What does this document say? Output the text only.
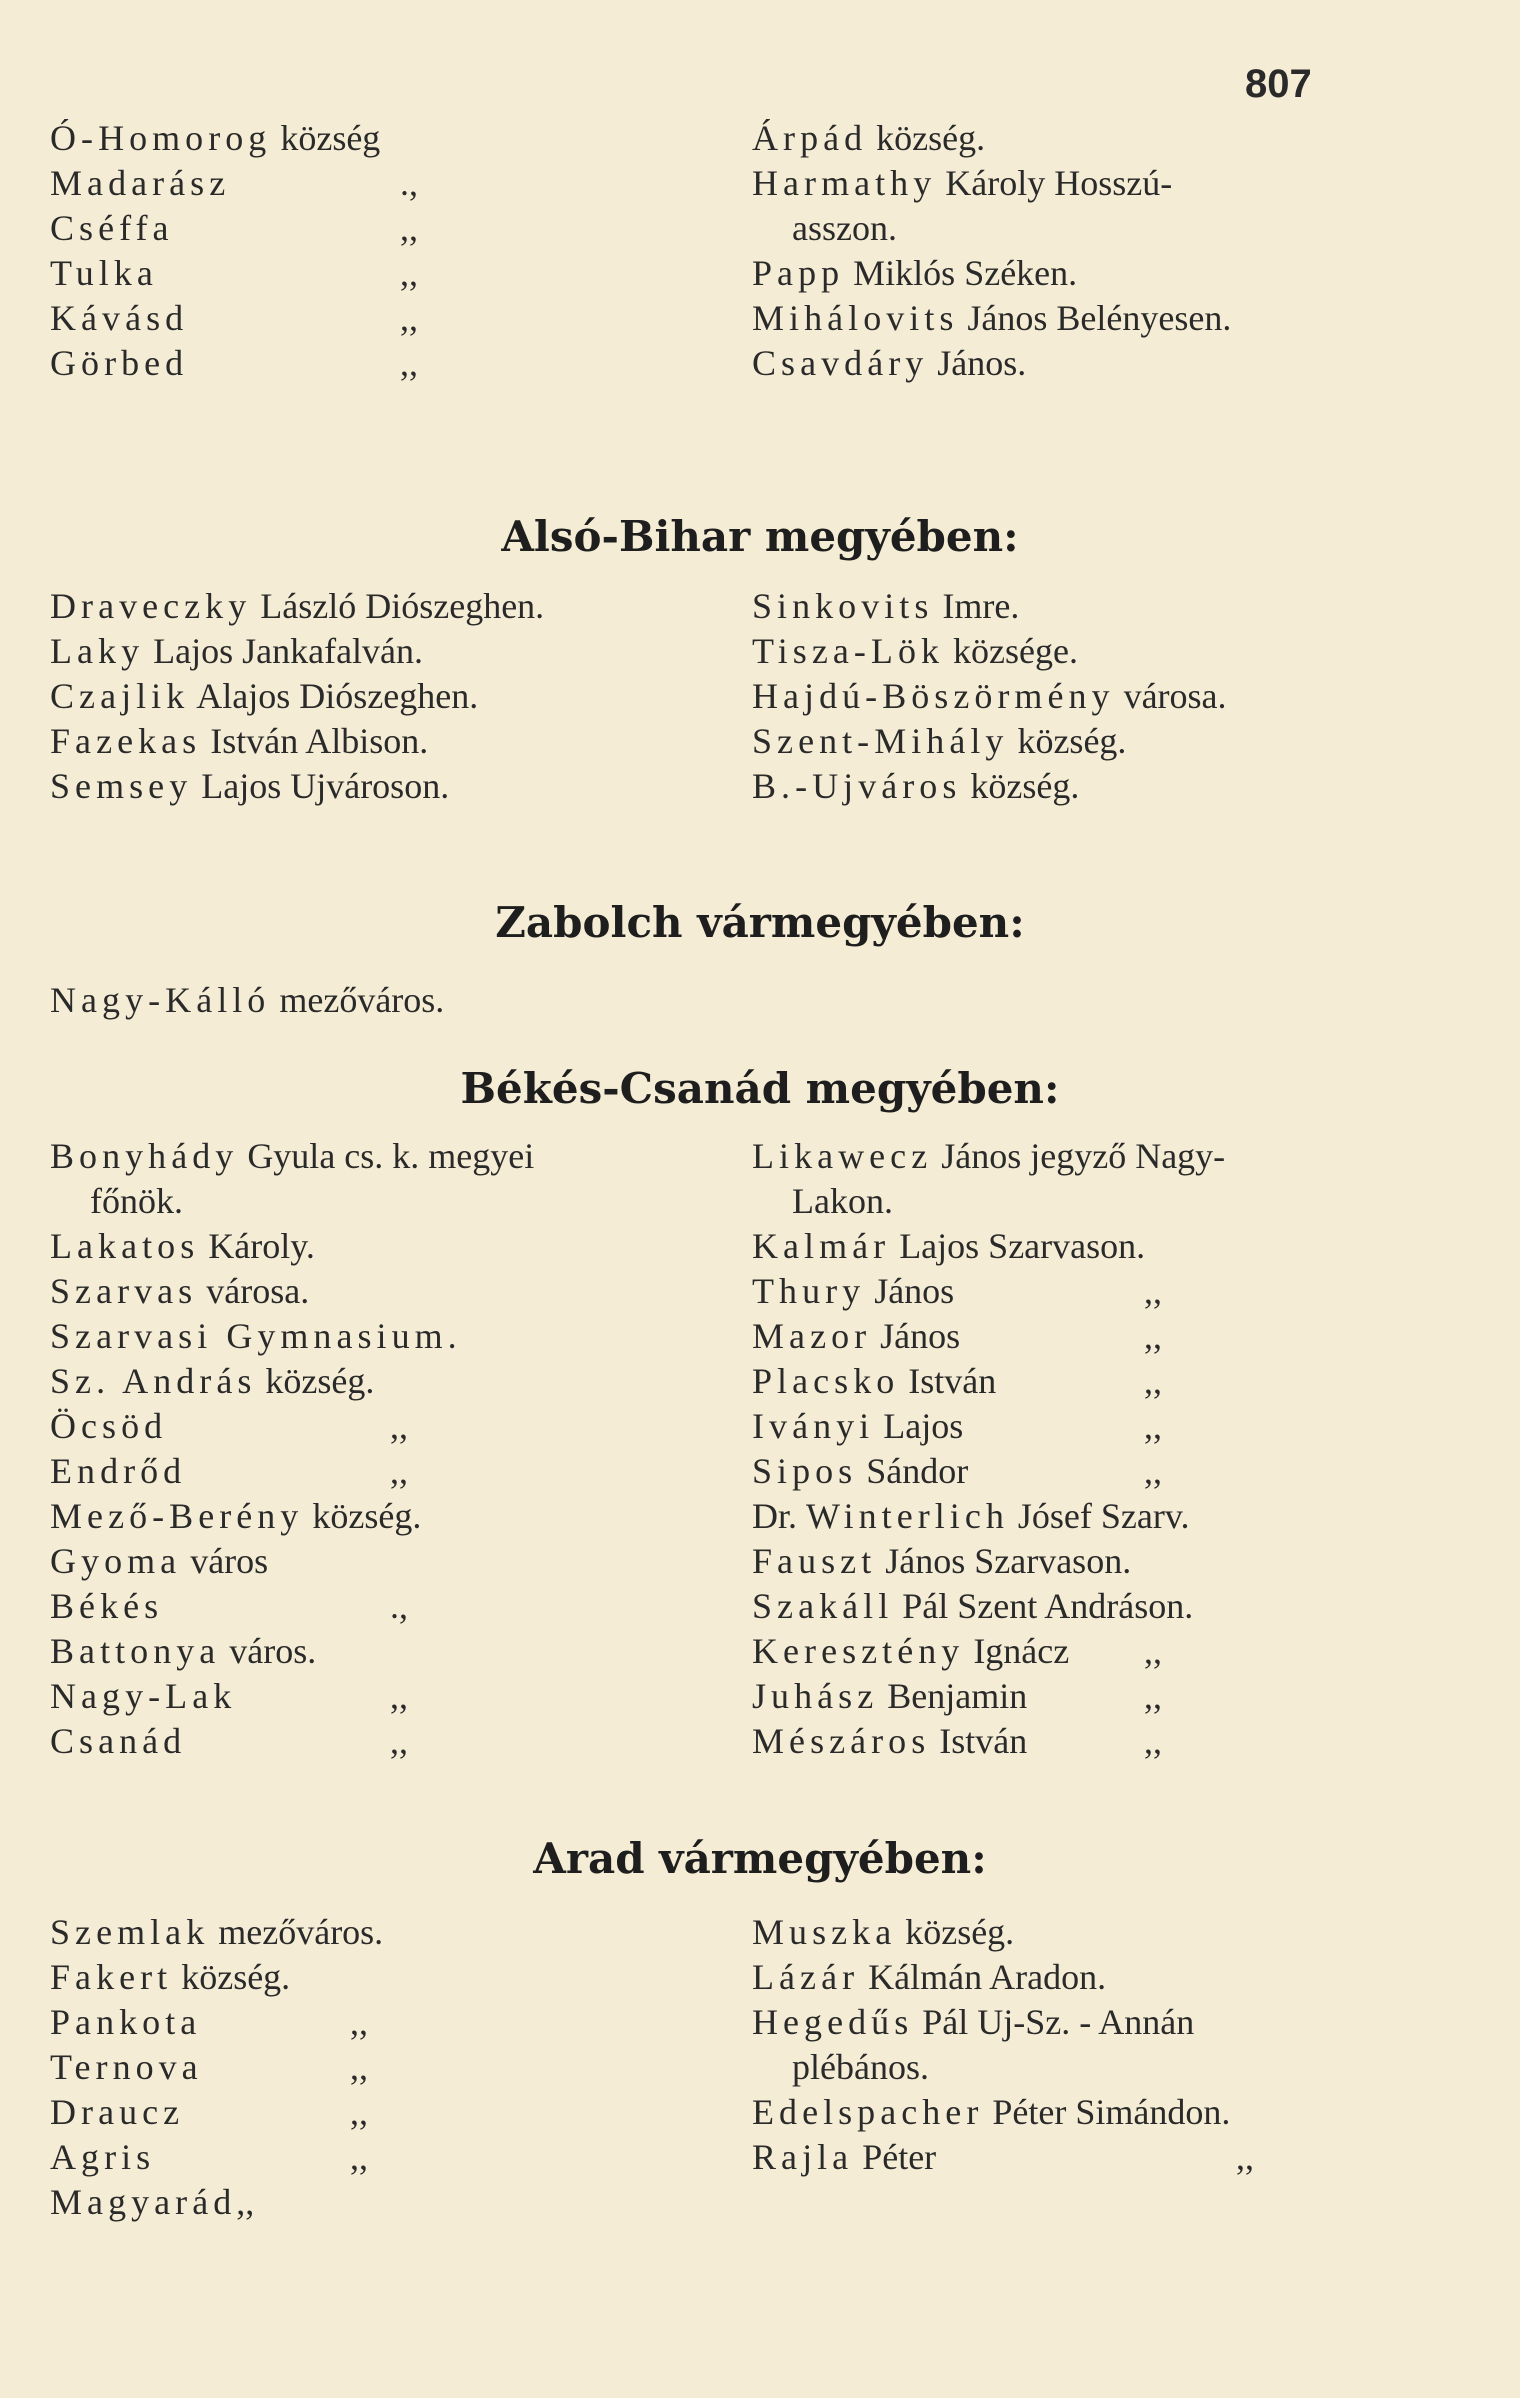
807
Ó-Homorog község
Madarász	.,
Cséffa	,,
Tulka	,,
Kávásd	,,
Görbed	,,
Árpád község.
Harmathy Károly Hosszú-
asszon.
Papp Miklós Széken.
Mihálovits János Belényesen.
Csavdáry János.
Alsó-Bihar megyében:
Draveczky László Diószeghen.
Laky Lajos Jankafalván.
Czajlik Alajos Diószeghen.
Fazekas István Albison.
Semsey Lajos Ujvároson.
Sinkovits Imre.
Tisza-Lök községe.
Hajdú-Böszörmény városa.
Szent-Mihály község.
B.-Ujváros község.
Zabolch vármegyében:
Nagy-Kálló mezőváros.
Békés-Csanád megyében:
Bonyhády Gyula cs. k. megyei
főnök.
Lakatos Károly.
Szarvas városa.
Szarvasi Gymnasium.
Sz. András község.
Öcsöd	,,
Endrőd	,,
Mező-Berény község.
Gyoma város
Békés	.,
Battonya város.
Nagy-Lak	,,
Csanád	,,
Likawecz János jegyző Nagy-
Lakon.
Kalmár Lajos Szarvason.
Thury János	,,
Mazor János	,,
Placsko István	,,
Iványi Lajos	,,
Sipos Sándor	,,
Dr. Winterlich Jósef Szarv.
Fauszt János Szarvason.
Szakáll Pál Szent Andráson.
Keresztény Ignácz ,,
Juhász Benjamin	,,
Mészáros István	,,
Arad vármegyében:
Szemlak mezőváros.
Fakert község.
Pankota	,,
Ternova	,,
Draucz	,,
Agris	,,
Magyarád,,
Muszka község.
Lázár Kálmán Aradon.
Hegedűs Pál Uj-Sz. - Annán
plébános.
Edelspacher Péter Simándon.
Rajla Péter	,,
